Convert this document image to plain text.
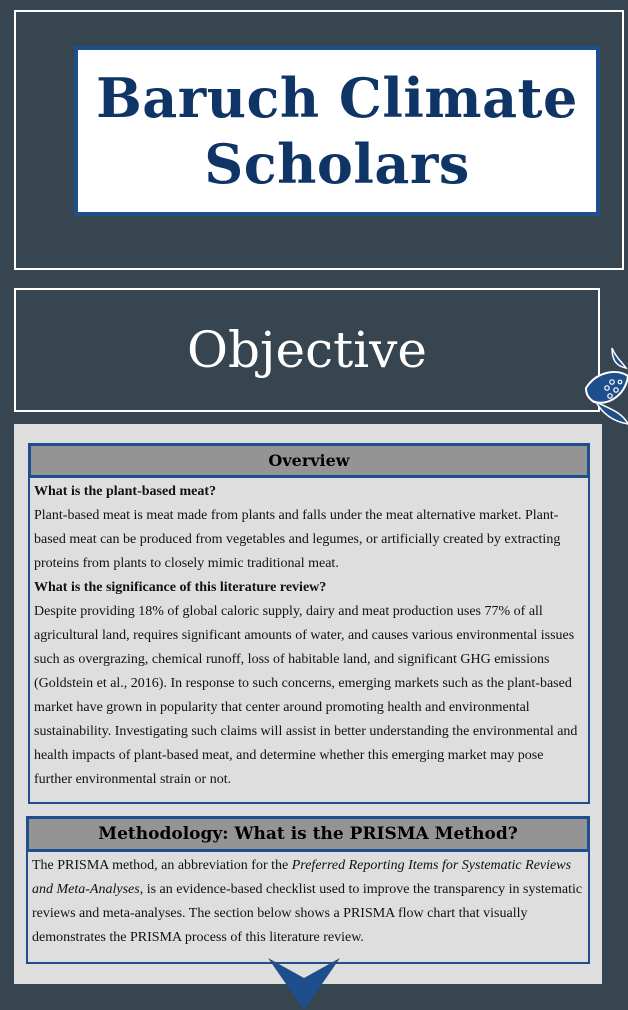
Baruch Climate
Scholars
Objective
Overview

What is the plant-based meat?

Plant-based meat is meat made from plants and falls under the meat alternative market. Plant-based meat can be produced from vegetables and legumes, or artificially created by extracting proteins from plants to closely mimic traditional meat.

What is the significance of this literature review?

Despite providing 18% of global caloric supply, dairy and meat production uses 77% of all agricultural land, requires significant amounts of water, and causes various environmental issues such as overgrazing, chemical runoff, loss of habitable land, and significant GHG emissions (Goldstein et al., 2016). In response to such concerns, emerging markets such as the plant-based market have grown in popularity that center around promoting health and environmental sustainability. Investigating such claims will assist in better understanding the environmental and health impacts of plant-based meat, and determine whether this emerging market may pose further environmental strain or not.

Methodology: What is the PRISMA Method?

The PRISMA method, an abbreviation for the Preferred Reporting Items for Systematic Reviews and Meta-Analyses, is an evidence-based checklist used to improve the transparency in systematic reviews and meta-analyses. The section below shows a PRISMA flow chart that visually demonstrates the PRISMA process of this literature review.
